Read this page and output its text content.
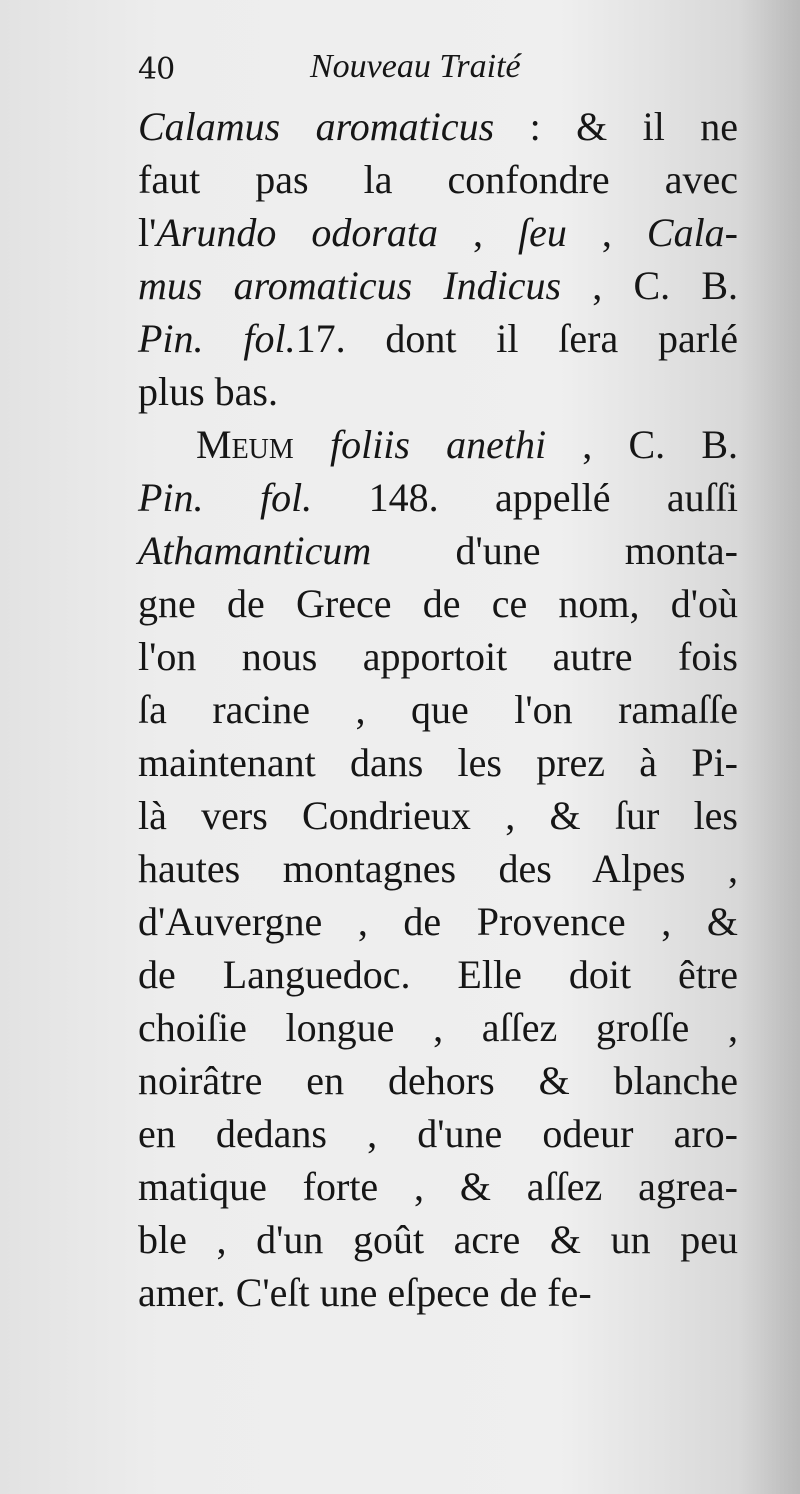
40	Nouveau Traité
Calamus aromaticus : & il ne
faut pas la confondre avec
l'Arundo odorata , ſeu , Cala-
mus aromaticus Indicus , C. B.
Pin. fol.17. dont il ſera parlé
plus bas.
Meum foliis anethi , C. B.
Pin. fol. 148. appellé auſſi
Athamanticum d'une monta-
gne de Grece de ce nom, d'où
l'on nous apportoit autre fois
ſa racine , que l'on ramaſſe
maintenant dans les prez à Pi-
là vers Condrieux , & ſur les
hautes montagnes des Alpes ,
d'Auvergne , de Provence , &
de Languedoc. Elle doit être
choiſie longue , aſſez groſſe ,
noirâtre en dehors & blanche
en dedans , d'une odeur aro-
matique forte , & aſſez agrea-
ble , d'un goût acre & un peu
amer. C'eſt une eſpece de fe-
